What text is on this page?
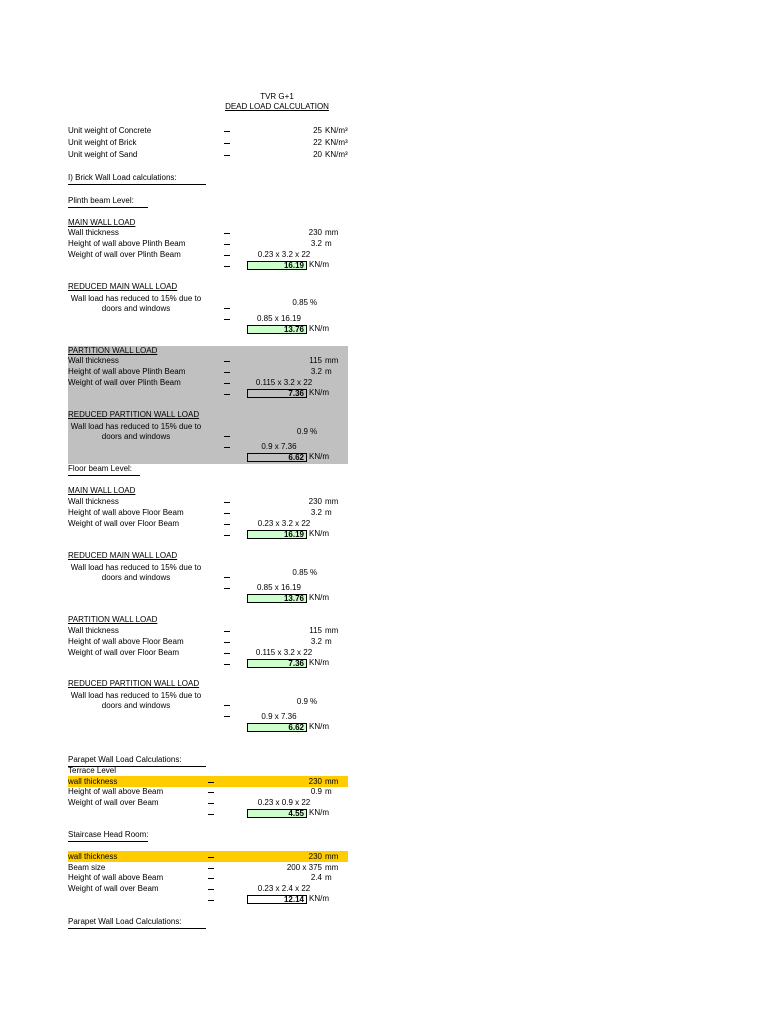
TVR G+1
DEAD LOAD CALCULATION
Unit weight of Concrete	25 KN/m³
Unit weight of Brick	22 KN/m³
Unit weight of Sand	20 KN/m³
I) Brick Wall Load calculations:
Plinth beam Level:
MAIN WALL LOAD
Wall thickness	230 mm
Height of wall above Plinth Beam	3.2 m
Weight of wall over Plinth Beam	0.23 x 3.2 x 22
16.19 KN/m
REDUCED MAIN WALL LOAD
Wall load has reduced to 15% due to
doors and windows
0.85 %
0.85 x 16.19
13.76 KN/m
PARTITION WALL LOAD
Wall thickness	115 mm
Height of wall above Plinth Beam	3.2 m
Weight of wall over Plinth Beam	0.115 x 3.2 x 22
7.36 KN/m
REDUCED PARTITION WALL LOAD
Wall load has reduced to 15% due to
doors and windows
0.9 %
0.9 x 7.36
6.62 KN/m
Floor beam Level:
MAIN WALL LOAD
Wall thickness	230 mm
Height of wall above Floor Beam	3.2 m
Weight of wall over Floor Beam	0.23 x 3.2 x 22
16.19 KN/m
REDUCED MAIN WALL LOAD
Wall load has reduced to 15% due to
doors and windows
0.85 %
0.85 x 16.19
13.76 KN/m
PARTITION WALL LOAD
Wall thickness	115 mm
Height of wall above Floor Beam	3.2 m
Weight of wall over Floor Beam	0.115 x 3.2 x 22
7.36 KN/m
REDUCED PARTITION WALL LOAD
Wall load has reduced to 15% due to
doors and windows	0.9 %
0.9 x 7.36
6.62 KN/m
Parapet Wall Load Calculations:
Terrace Level
wall thickness	230 mm
Height of wall above Beam	0.9 m
Weight of wall over Beam	0.23 x 0.9 x 22
4.55 KN/m
Staircase Head Room:
wall thickness	230 mm
Beam size	200 x 375 mm
Height of wall above Beam	2.4 m
Weight of wall over Beam	0.23 x 2.4 x 22
12.14 KN/m
Parapet Wall Load Calculations:
